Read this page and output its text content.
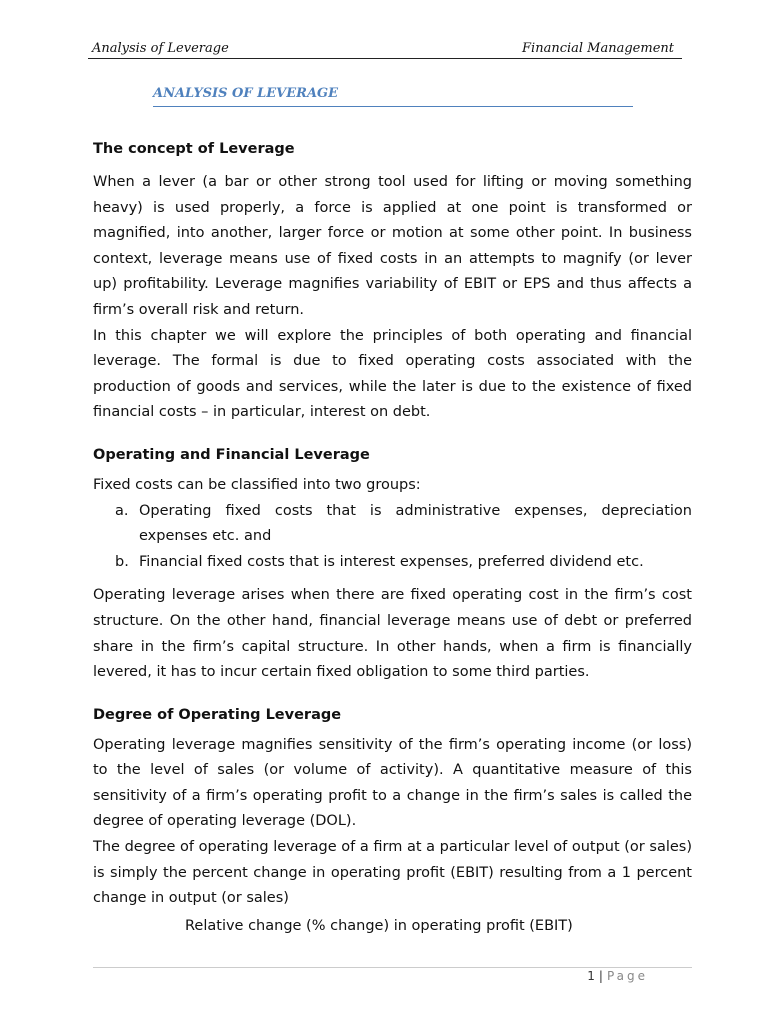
Analysis of Leverage	Financial Management
ANALYSIS OF LEVERAGE
The concept of Leverage

When a lever (a bar or other strong tool used for lifting or moving something heavy) is used properly, a force is applied at one point is transformed or magnified, into another, larger force or motion at some other point. In business context, leverage means use of fixed costs in an attempts to magnify (or lever up) profitability. Leverage magnifies variability of EBIT or EPS and thus affects a firm’s overall risk and return.

In this chapter we will explore the principles of both operating and financial leverage. The formal is due to fixed operating costs associated with the production of goods and services, while the later is due to the existence of fixed financial costs – in particular, interest on debt.

Operating and Financial Leverage

Fixed costs can be classified into two groups:

a. Operating fixed costs that is administrative expenses, depreciation expenses etc. and
b. Financial fixed costs that is interest expenses, preferred dividend etc.

Operating leverage arises when there are fixed operating cost in the firm’s cost structure. On the other hand, financial leverage means use of debt or preferred share in the firm’s capital structure. In other hands, when a firm is financially levered, it has to incur certain fixed obligation to some third parties.

Degree of Operating Leverage

Operating leverage magnifies sensitivity of the firm’s operating income (or loss) to the level of sales (or volume of activity). A quantitative measure of this sensitivity of a firm’s operating profit to a change in the firm’s sales is called the degree of operating leverage (DOL).

The degree of operating leverage of a firm at a particular level of output (or sales) is simply the percent change in operating profit (EBIT) resulting from a 1 percent change in output (or sales)

Relative change (% change) in operating profit (EBIT)

1 | Page
